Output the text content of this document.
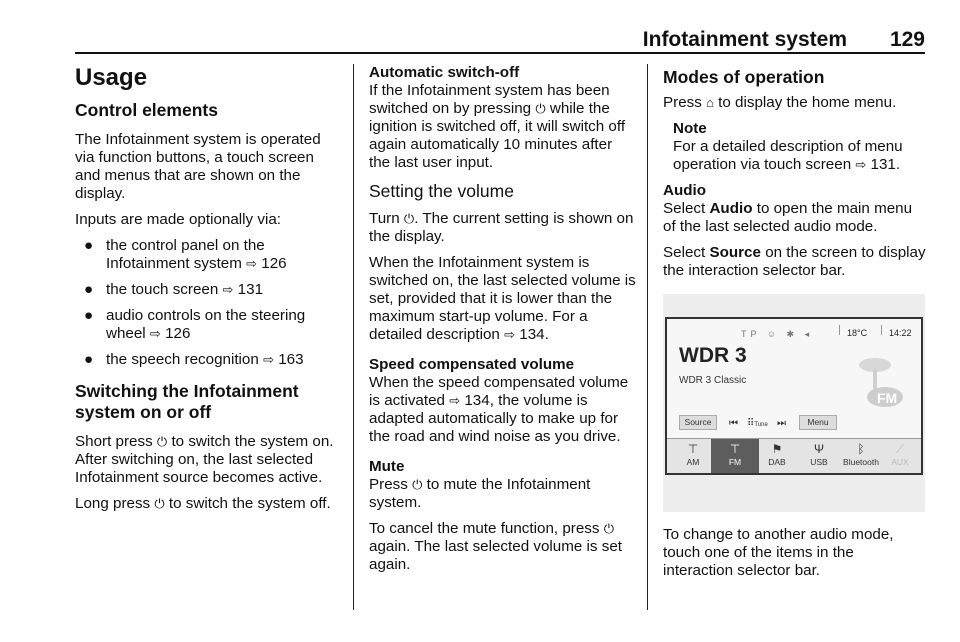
Infotainment system 129
Usage
Control elements

The Infotainment system is operated via function buttons, a touch screen and menus that are shown on the display.

Inputs are made optionally via:

● the control panel on the Infotainment system ⇨ 126
● the touch screen ⇨ 131
● audio controls on the steering wheel ⇨ 126
● the speech recognition ⇨ 163
Switching the Infotainment system on or off

Short press ⏻ to switch the system on. After switching on, the last selected Infotainment source becomes active.

Long press ⏻ to switch the system off.

Automatic switch-off

If the Infotainment system has been switched on by pressing ⏻ while the ignition is switched off, it will switch off again automatically 10 minutes after the last user input.

Setting the volume

Turn ⏻. The current setting is shown on the display.

When the Infotainment system is switched on, the last selected volume is set, provided that it is lower than the maximum start-up volume. For a detailed description ⇨ 134.

Speed compensated volume

When the speed compensated volume is activated ⇨ 134, the volume is adapted automatically to make up for the road and wind noise as you drive.

Mute

Press ⏻ to mute the Infotainment system.

To cancel the mute function, press ⏻ again. The last selected volume is set again.

Modes of operation

Press ⌂ to display the home menu.

Note
For a detailed description of menu operation via touch screen ⇨ 131.
Audio

Select Audio to open the main menu of the last selected audio mode.

Select Source on the screen to display the interaction selector bar.

TP ☺ ✱ ◂	18°C 14:22
WDR 3
WDR 3 Classic
FM
Source	⏮ ⠿Tune ⏭	Menu
⊤
AM
⊤
FM
⚑
DAB
Ψ
USB
ᛒ
Bluetooth
⟋
AUX

To change to another audio mode, touch one of the items in the interaction selector bar.
